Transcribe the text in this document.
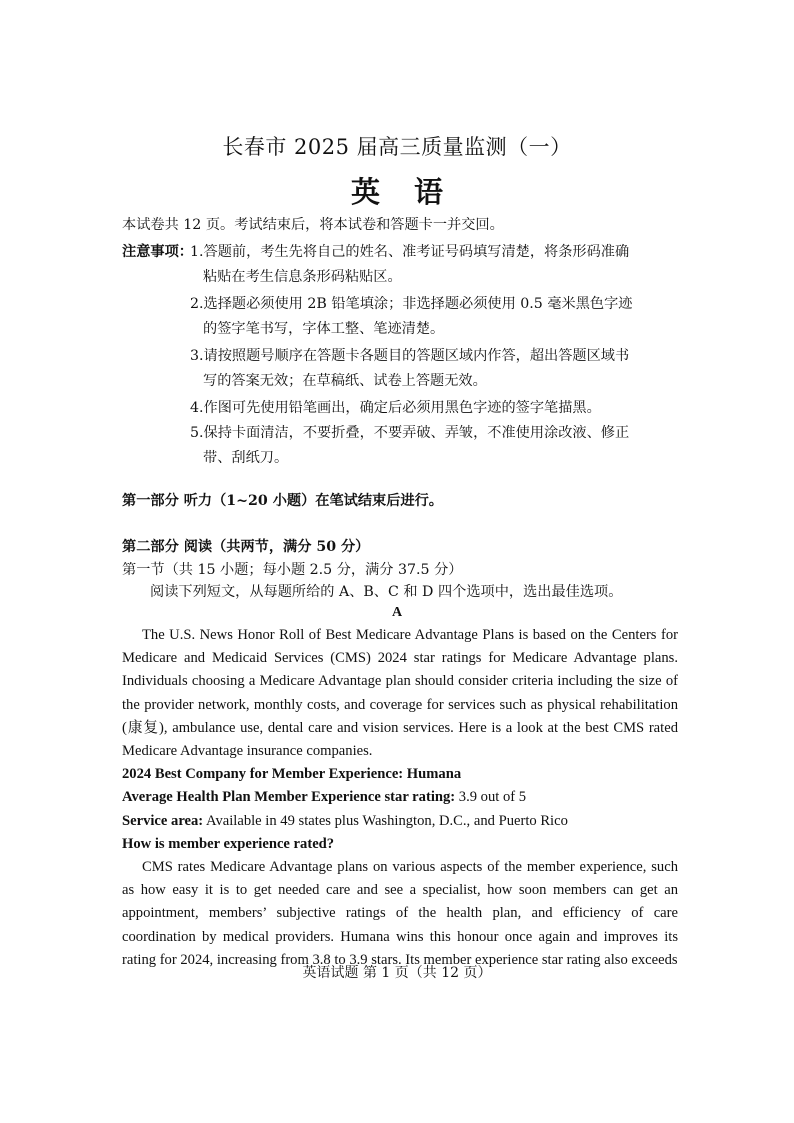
长春市 2025 届高三质量监测（一）
英语
本试卷共 12 页。考试结束后，将本试卷和答题卡一并交回。
注意事项：
1.答题前，考生先将自己的姓名、准考证号码填写清楚，将条形码准确
粘贴在考生信息条形码粘贴区。
2.选择题必须使用 2B 铅笔填涂；非选择题必须使用 0.5 毫米黑色字迹
的签字笔书写，字体工整、笔迹清楚。
3.请按照题号顺序在答题卡各题目的答题区域内作答，超出答题区域书
写的答案无效；在草稿纸、试卷上答题无效。
4.作图可先使用铅笔画出，确定后必须用黑色字迹的签字笔描黑。
5.保持卡面清洁，不要折叠，不要弄破、弄皱，不准使用涂改液、修正
带、刮纸刀。
第一部分 听力（1~20 小题）在笔试结束后进行。
第二部分 阅读（共两节，满分 50 分）
第一节（共 15 小题；每小题 2.5 分，满分 37.5 分）
阅读下列短文，从每题所给的 A、B、C 和 D 四个选项中，选出最佳选项。
A

The U.S. News Honor Roll of Best Medicare Advantage Plans is based on the Centers for Medicare and Medicaid Services (CMS) 2024 star ratings for Medicare Advantage plans. Individuals choosing a Medicare Advantage plan should consider criteria including the size of the provider network, monthly costs, and coverage for services such as physical rehabilitation (康复), ambulance use, dental care and vision services. Here is a look at the best CMS rated Medicare Advantage insurance companies.

2024 Best Company for Member Experience: Humana

Average Health Plan Member Experience star rating: 3.9 out of 5

Service area: Available in 49 states plus Washington, D.C., and Puerto Rico

How is member experience rated?

CMS rates Medicare Advantage plans on various aspects of the member experience, such as how easy it is to get needed care and see a specialist, how soon members can get an appointment, members’ subjective ratings of the health plan, and efficiency of care coordination by medical providers. Humana wins this honour once again and improves its rating for 2024, increasing from 3.8 to 3.9 stars. Its member experience star rating also exceeds

英语试题 第 1 页（共 12 页）
